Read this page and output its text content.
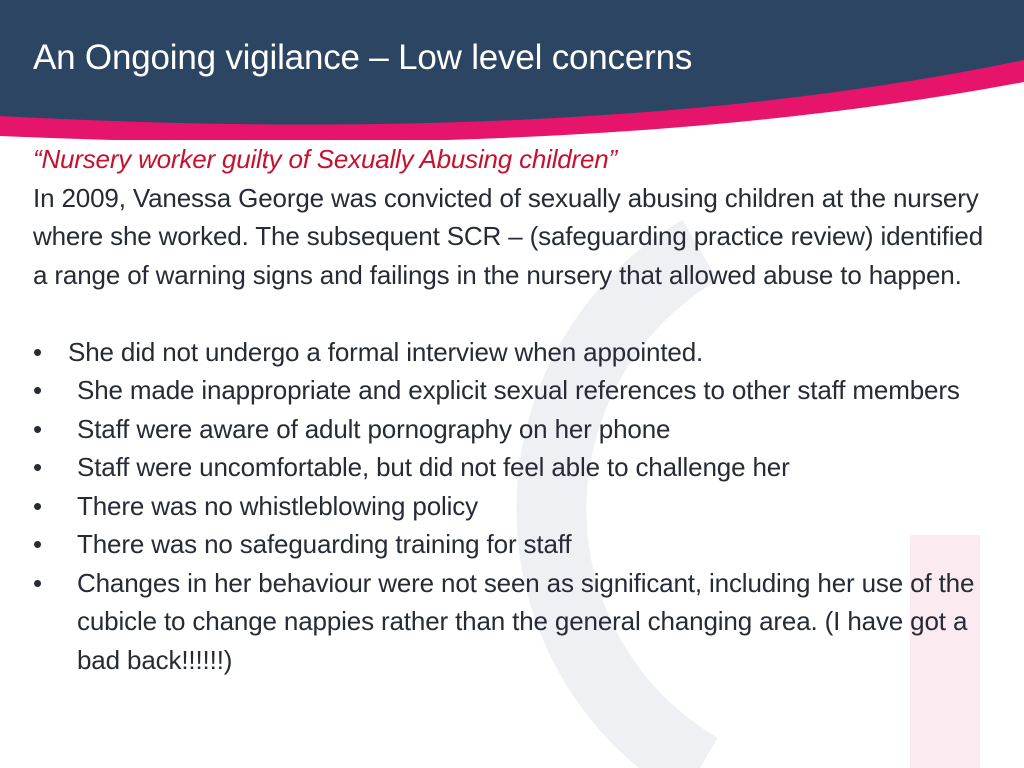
An Ongoing vigilance – Low level concerns

“Nursery worker guilty of Sexually Abusing children”

In 2009, Vanessa George was convicted of sexually abusing children at the nursery where she worked. The subsequent SCR – (safeguarding practice review) identified a range of warning signs and failings in the nursery that allowed abuse to happen.

•	She did not undergo a formal interview when appointed.
•	She made inappropriate and explicit sexual references to other staff members
•	Staff were aware of adult pornography on her phone
•	Staff were uncomfortable, but did not feel able to challenge her
•	There was no whistleblowing policy
•	There was no safeguarding training for staff
•	Changes in her behaviour were not seen as significant, including her use of the cubicle to change nappies rather than the general changing area. (I have got a bad back!!!!!!)
